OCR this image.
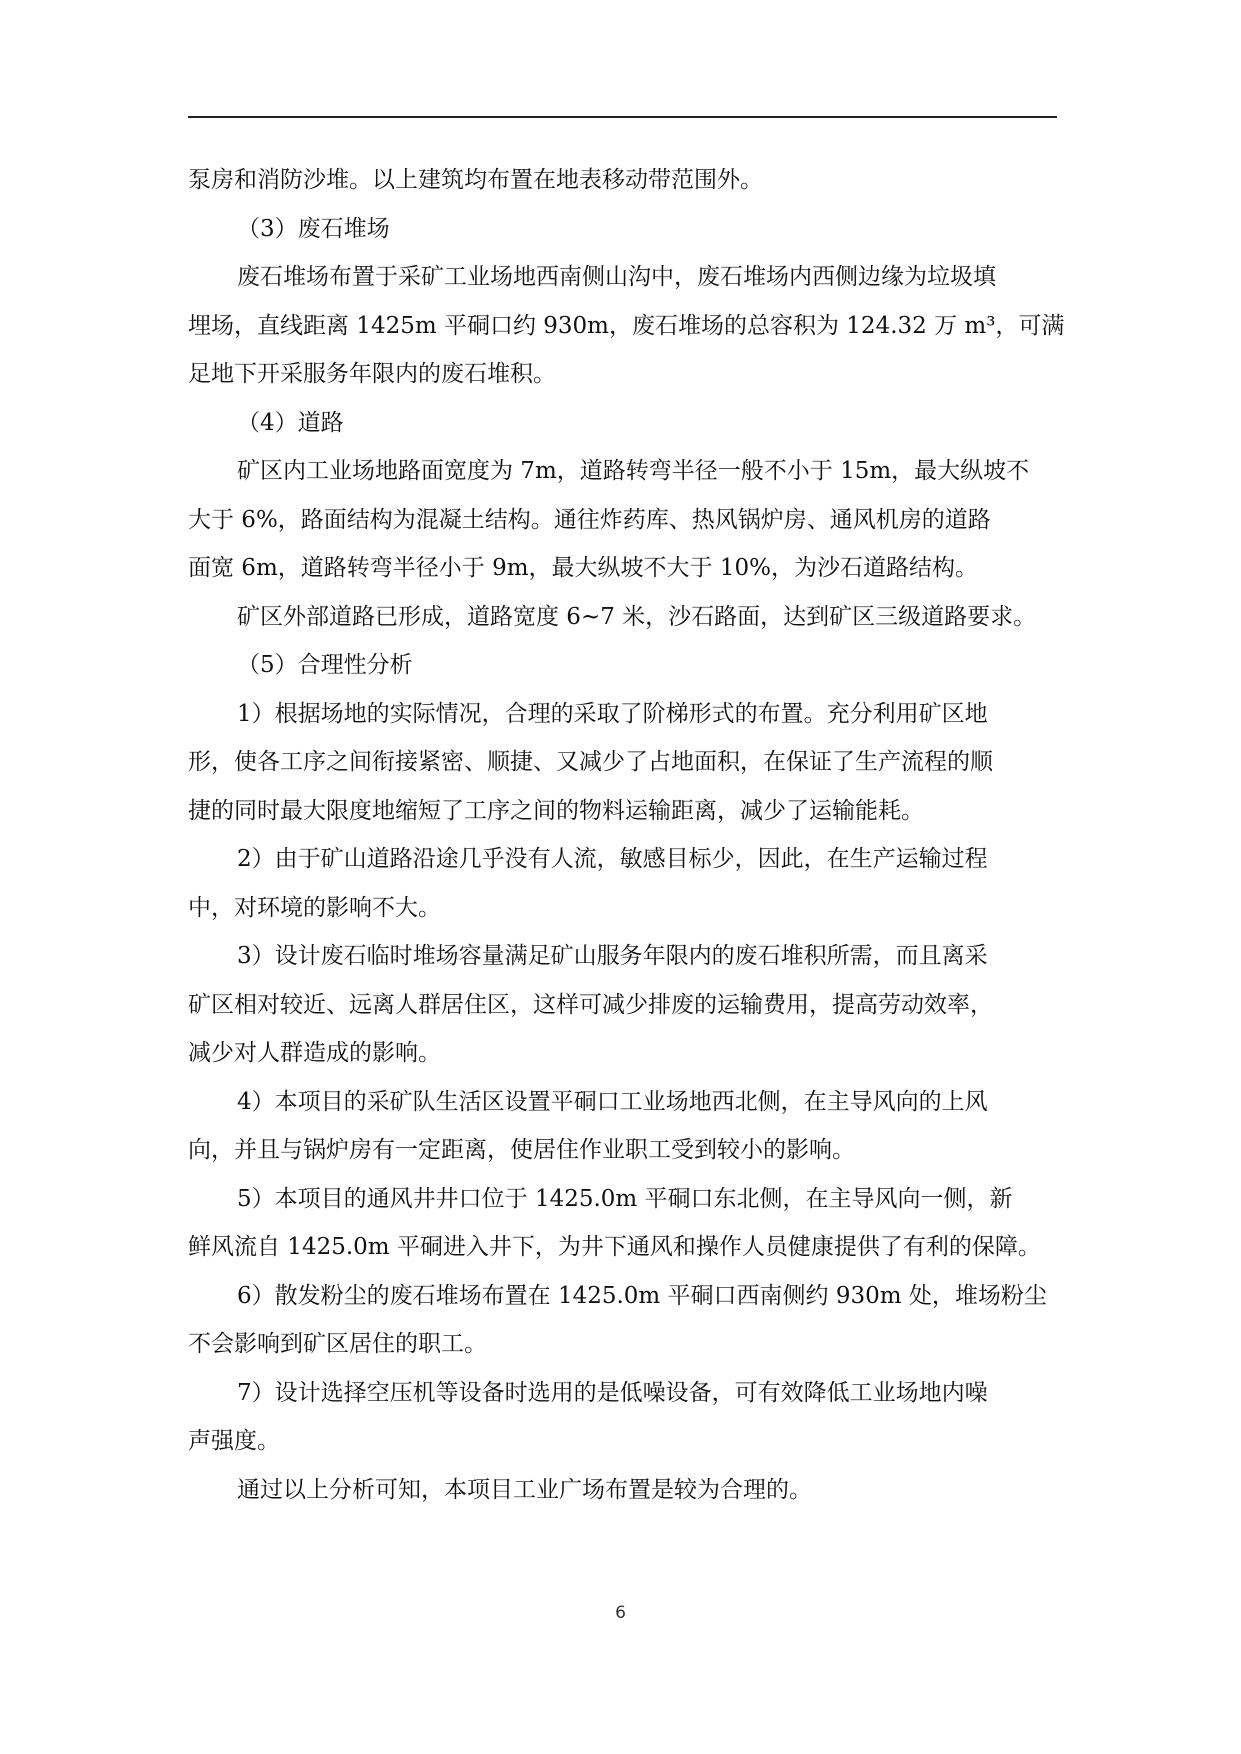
泵房和消防沙堆。以上建筑均布置在地表移动带范围外。
（3）废石堆场
废石堆场布置于采矿工业场地西南侧山沟中，废石堆场内西侧边缘为垃圾填
埋场，直线距离 1425m 平硐口约 930m，废石堆场的总容积为 124.32 万 m³，可满
足地下开采服务年限内的废石堆积。
（4）道路
矿区内工业场地路面宽度为 7m，道路转弯半径一般不小于 15m，最大纵坡不
大于 6%，路面结构为混凝土结构。通往炸药库、热风锅炉房、通风机房的道路
面宽 6m，道路转弯半径小于 9m，最大纵坡不大于 10%，为沙石道路结构。
矿区外部道路已形成，道路宽度 6~7 米，沙石路面，达到矿区三级道路要求。
（5）合理性分析
1）根据场地的实际情况，合理的采取了阶梯形式的布置。充分利用矿区地
形，使各工序之间衔接紧密、顺捷、又减少了占地面积，在保证了生产流程的顺
捷的同时最大限度地缩短了工序之间的物料运输距离，减少了运输能耗。
2）由于矿山道路沿途几乎没有人流，敏感目标少，因此，在生产运输过程
中，对环境的影响不大。
3）设计废石临时堆场容量满足矿山服务年限内的废石堆积所需，而且离采
矿区相对较近、远离人群居住区，这样可减少排废的运输费用，提高劳动效率，
减少对人群造成的影响。
4）本项目的采矿队生活区设置平硐口工业场地西北侧，在主导风向的上风
向，并且与锅炉房有一定距离，使居住作业职工受到较小的影响。
5）本项目的通风井井口位于 1425.0m 平硐口东北侧，在主导风向一侧，新
鲜风流自 1425.0m 平硐进入井下，为井下通风和操作人员健康提供了有利的保障。
6）散发粉尘的废石堆场布置在 1425.0m 平硐口西南侧约 930m 处，堆场粉尘
不会影响到矿区居住的职工。
7）设计选择空压机等设备时选用的是低噪设备，可有效降低工业场地内噪
声强度。
通过以上分析可知，本项目工业广场布置是较为合理的。
6
